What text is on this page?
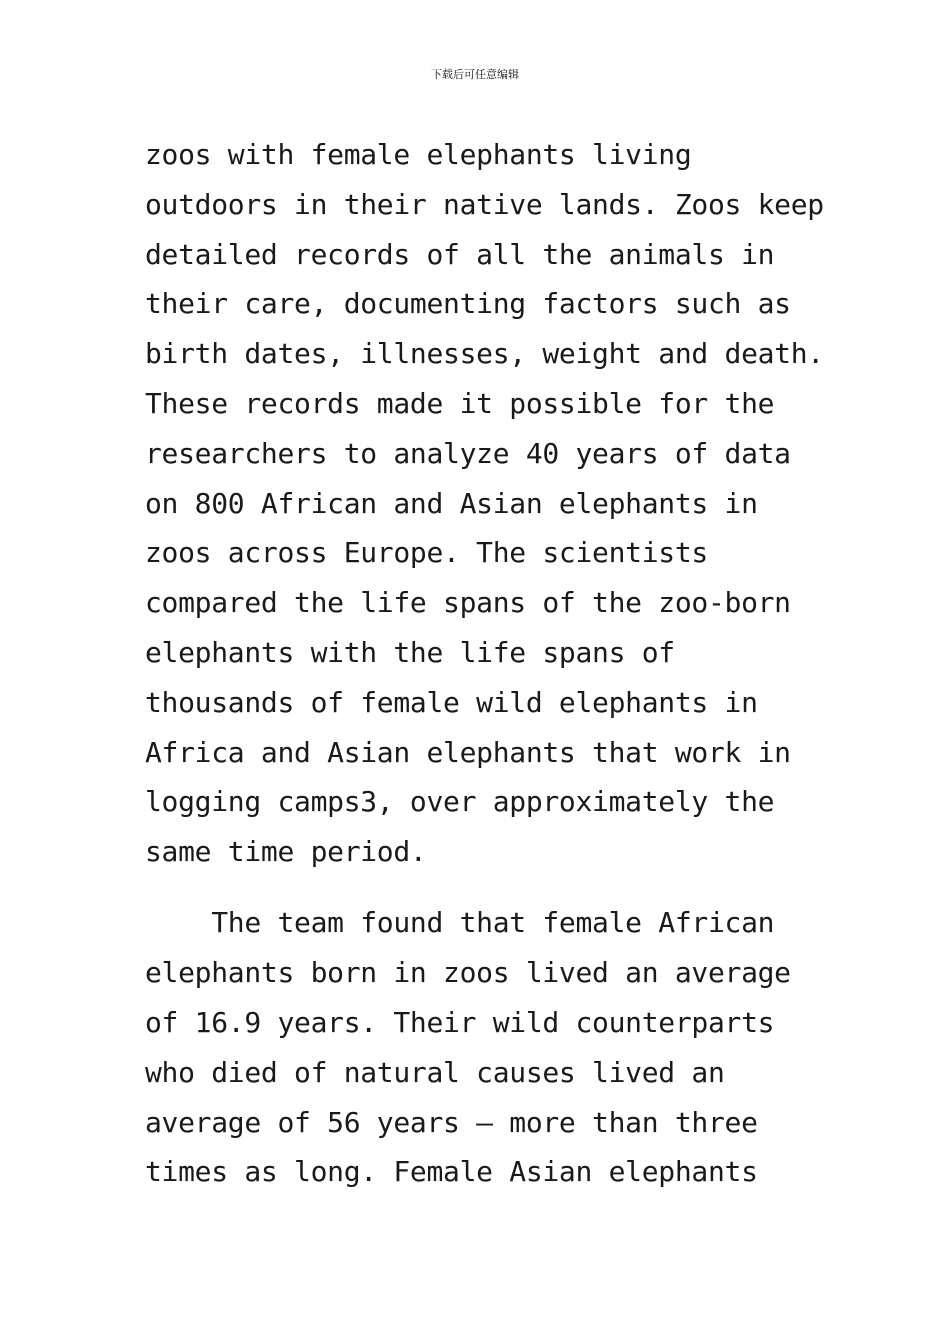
下载后可任意编辑
zoos with female elephants living
outdoors in their native lands. Zoos keep
detailed records of all the animals in
their care, documenting factors such as
birth dates, illnesses, weight and death.
These records made it possible for the
researchers to analyze 40 years of data
on 800 African and Asian elephants in
zoos across Europe. The scientists
compared the life spans of the zoo-born
elephants with the life spans of
thousands of female wild elephants in
Africa and Asian elephants that work in
logging camps3, over approximately the
same time period.
The team found that female African
elephants born in zoos lived an average
of 16.9 years. Their wild counterparts
who died of natural causes lived an
average of 56 years — more than three
times as long. Female Asian elephants
